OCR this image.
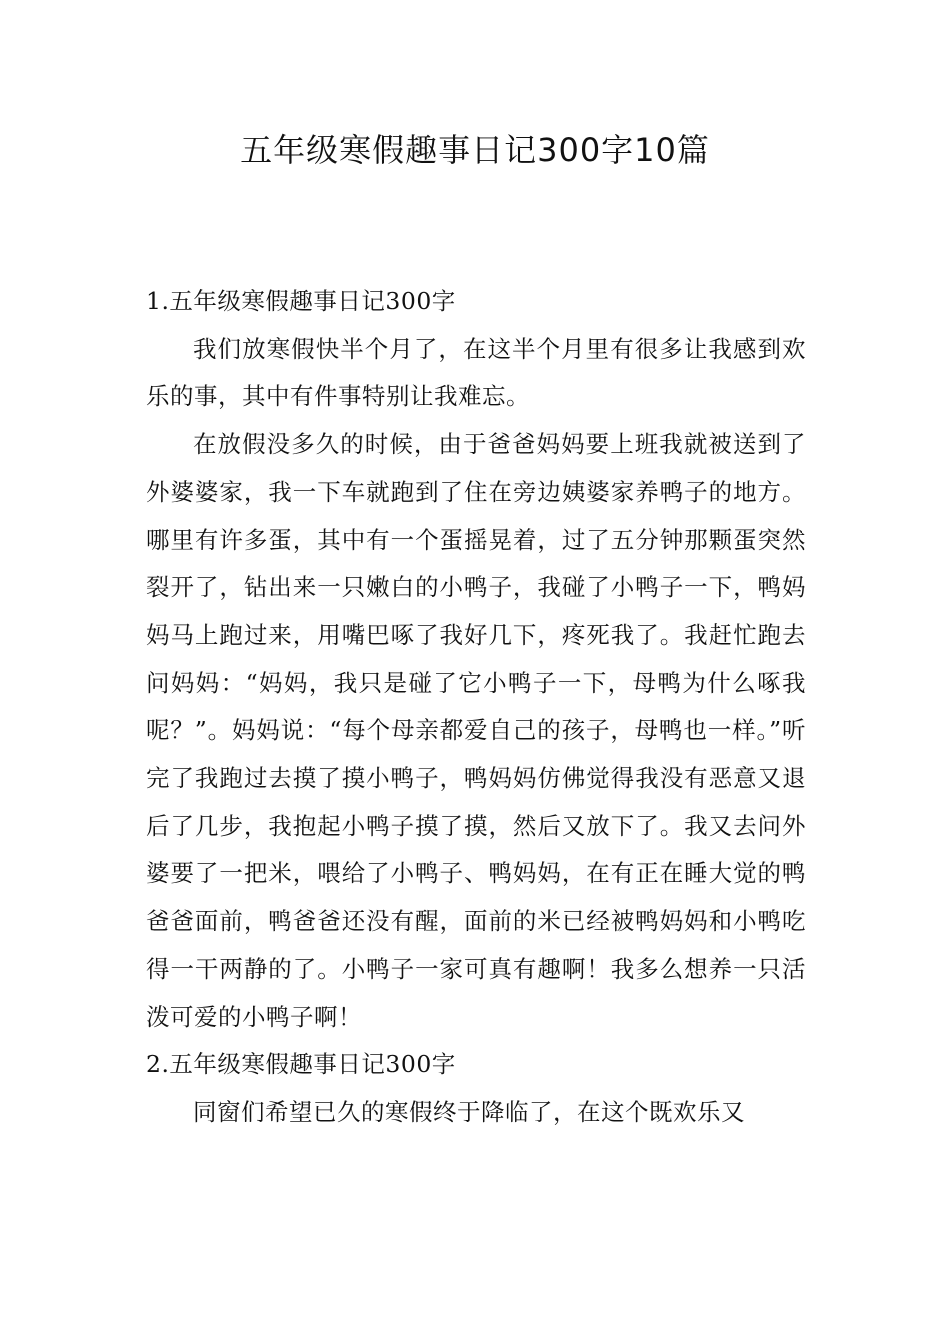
五年级寒假趣事日记300字10篇
1.五年级寒假趣事日记300字

我们放寒假快半个月了，在这半个月里有很多让我感到欢乐的事，其中有件事特别让我难忘。

在放假没多久的时候，由于爸爸妈妈要上班我就被送到了外婆婆家，我一下车就跑到了住在旁边姨婆家养鸭子的地方。哪里有许多蛋，其中有一个蛋摇晃着，过了五分钟那颗蛋突然裂开了，钻出来一只嫩白的小鸭子，我碰了小鸭子一下，鸭妈妈马上跑过来，用嘴巴啄了我好几下，疼死我了。我赶忙跑去问妈妈：“妈妈，我只是碰了它小鸭子一下，母鸭为什么啄我呢？”。妈妈说：“每个母亲都爱自己的孩子，母鸭也一样。”听完了我跑过去摸了摸小鸭子，鸭妈妈仿佛觉得我没有恶意又退后了几步，我抱起小鸭子摸了摸，然后又放下了。我又去问外婆要了一把米，喂给了小鸭子、鸭妈妈，在有正在睡大觉的鸭爸爸面前，鸭爸爸还没有醒，面前的米已经被鸭妈妈和小鸭吃得一干两静的了。小鸭子一家可真有趣啊！我多么想养一只活泼可爱的小鸭子啊！

2.五年级寒假趣事日记300字

同窗们希望已久的寒假终于降临了，在这个既欢乐又
